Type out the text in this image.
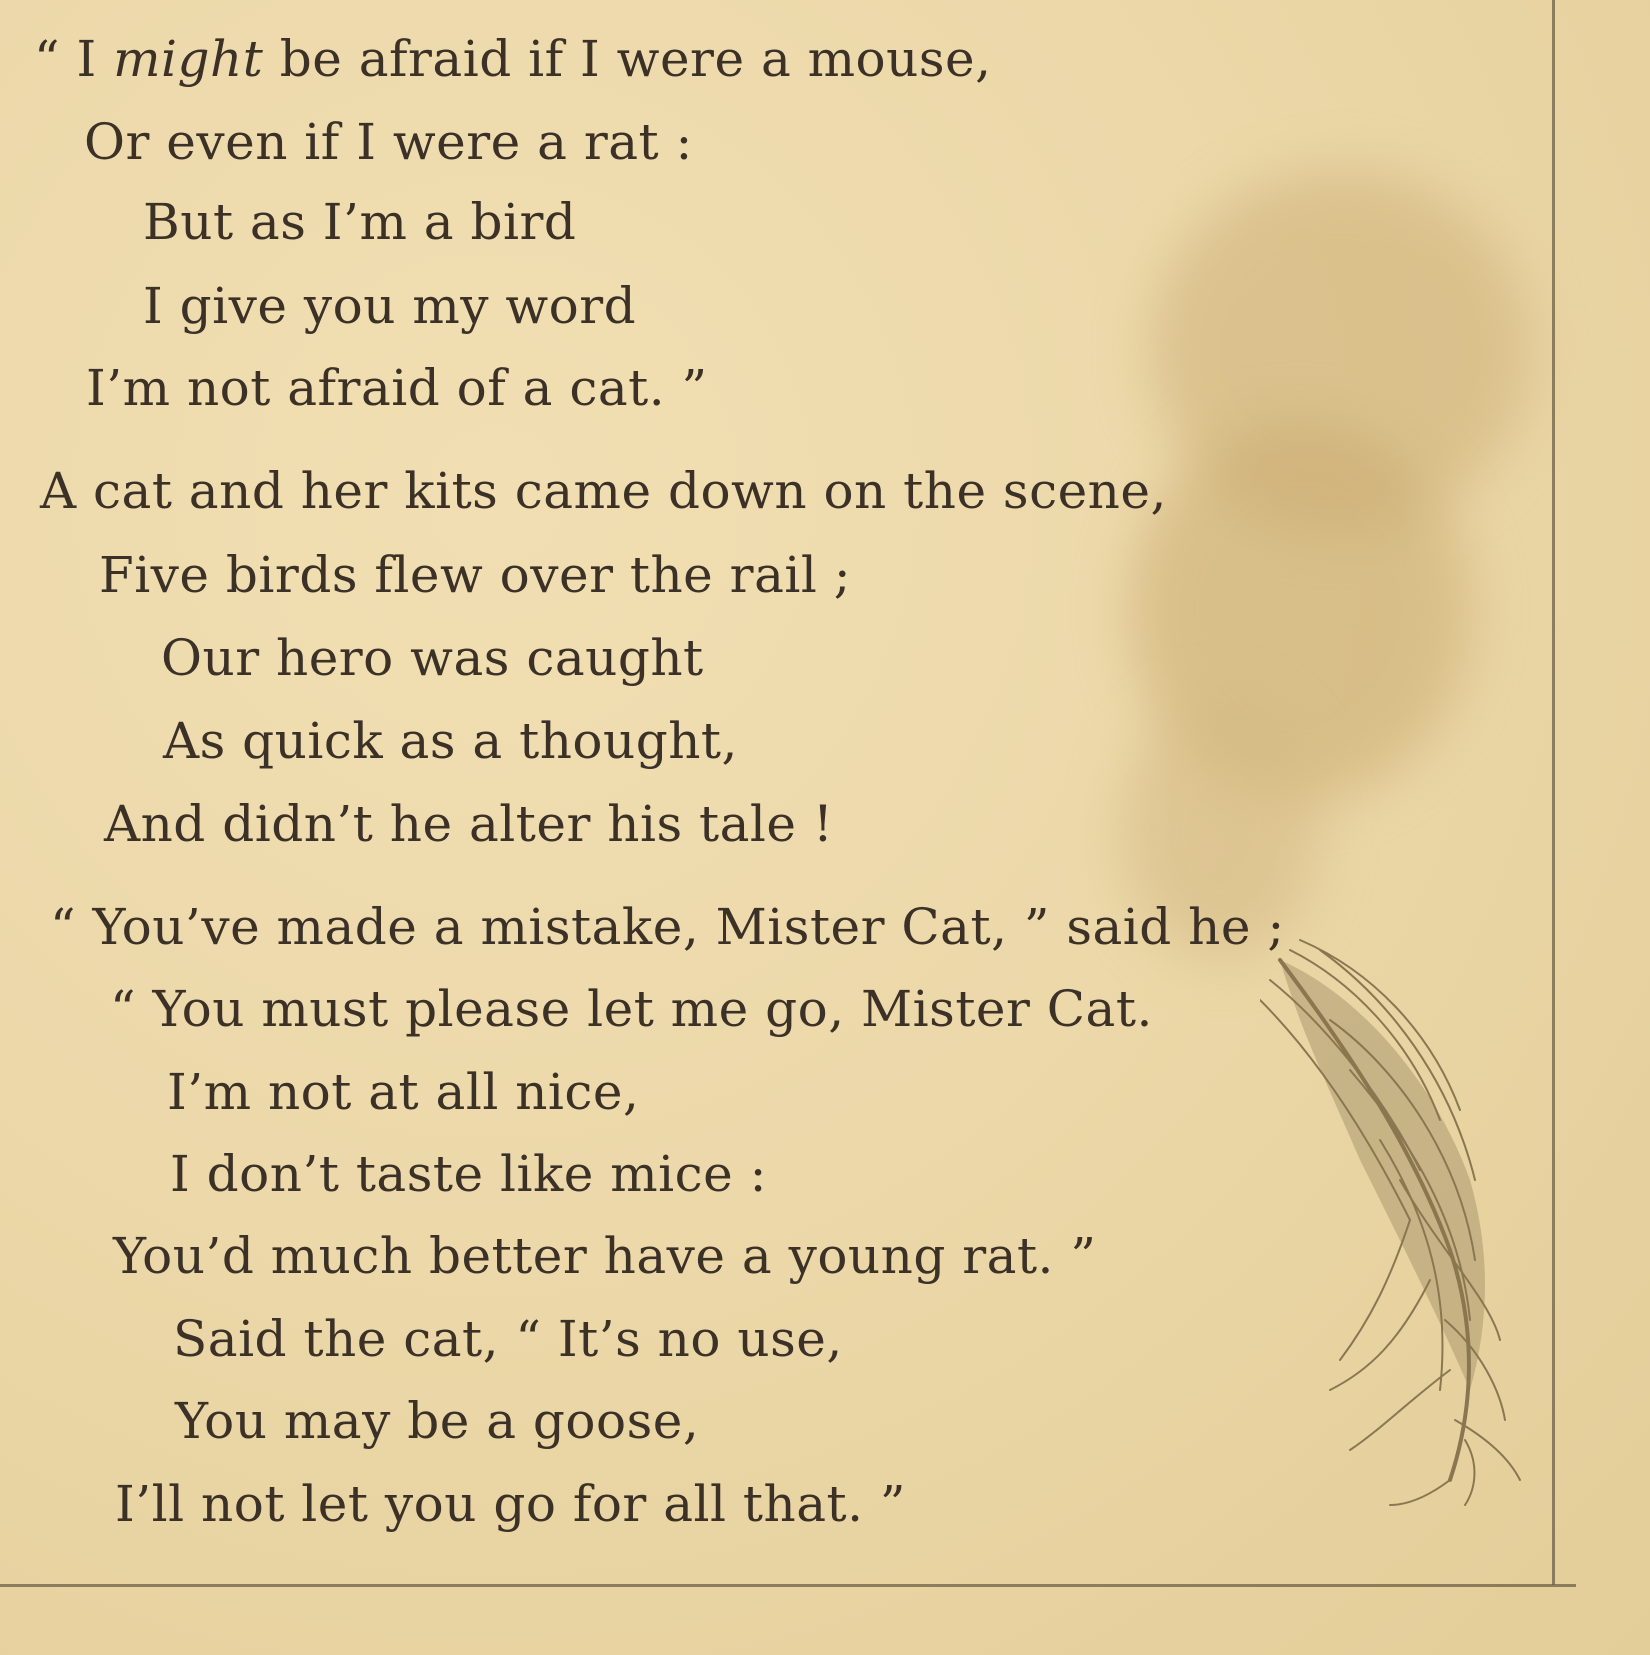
“ I might be afraid if I were a mouse,
Or even if I were a rat :
But as I’m a bird
I give you my word
I’m not afraid of a cat. ”
A cat and her kits came down on the scene,
Five birds flew over the rail ;
Our hero was caught
As quick as a thought,
And didn’t he alter his tale !
“ You’ve made a mistake, Mister Cat, ” said he ;
“ You must please let me go, Mister Cat.
I’m not at all nice,
I don’t taste like mice :
You’d much better have a young rat. ”
Said the cat, “ It’s no use,
You may be a goose,
I’ll not let you go for all that. ”
